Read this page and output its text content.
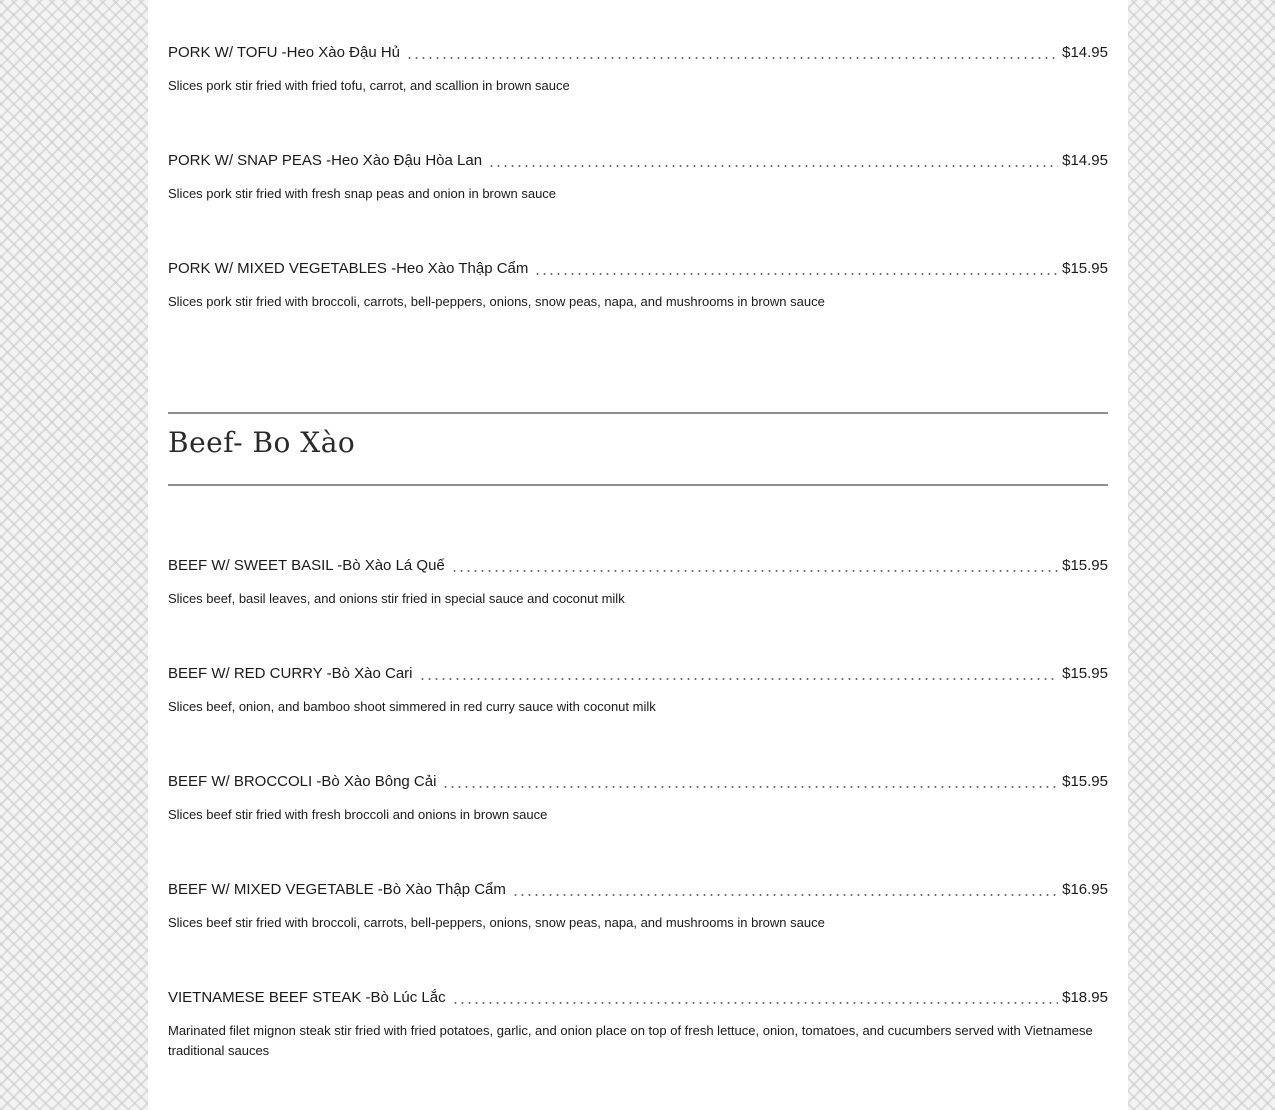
PORK W/ TOFU -Heo Xào Đậu Hủ	$14.95
Slices pork stir fried with fried tofu, carrot, and scallion in brown sauce
PORK W/ SNAP PEAS -Heo Xào Đậu Hòa Lan	$14.95
Slices pork stir fried with fresh snap peas and onion in brown sauce
PORK W/ MIXED VEGETABLES -Heo Xào Thập Cẩm	$15.95
Slices pork stir fried with broccoli, carrots, bell-peppers, onions, snow peas, napa, and mushrooms in brown sauce
Beef- Bo Xào
BEEF W/ SWEET BASIL -Bò Xào Lá Quế	$15.95
Slices beef, basil leaves, and onions stir fried in special sauce and coconut milk
BEEF W/ RED CURRY -Bò Xào Cari	$15.95
Slices beef, onion, and bamboo shoot simmered in red curry sauce with coconut milk
BEEF W/ BROCCOLI -Bò Xào Bông Cải	$15.95
Slices beef stir fried with fresh broccoli and onions in brown sauce
BEEF W/ MIXED VEGETABLE -Bò Xào Thập Cẩm	$16.95
Slices beef stir fried with broccoli, carrots, bell-peppers, onions, snow peas, napa, and mushrooms in brown sauce
VIETNAMESE BEEF STEAK -Bò Lúc Lắc	$18.95
Marinated filet mignon steak stir fried with fried potatoes, garlic, and onion place on top of fresh lettuce, onion, tomatoes, and cucumbers served with Vietnamese traditional sauces
